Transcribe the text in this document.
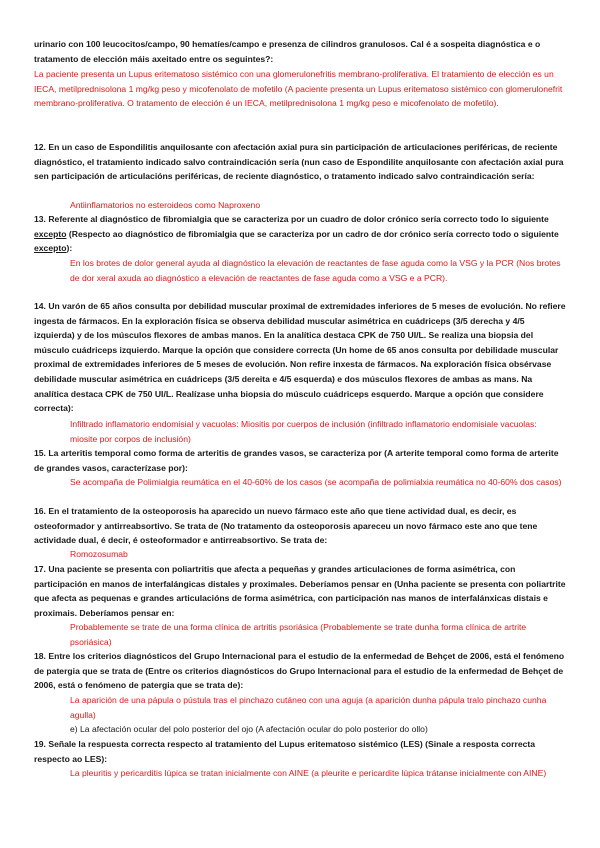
urinario con 100 leucocitos/campo, 90 hematíes/campo e presenza de cilindros granulosos. Cal é a sospeita diagnóstica e o tratamento de elección máis axeitado entre os seguintes?:
La paciente presenta un Lupus eritematoso sistémico con una glomerulonefritis membrano-proliferativa. El tratamiento de elección es un IECA, metilprednisolona 1 mg/kg peso y micofenolato de mofetilo (A paciente presenta un Lupus eritematoso sistémico con glomerulonefrit membrano-proliferativa. O tratamento de elección é un IECA, metilprednisolona 1 mg/kg peso e micofenolato de mofetilo).
12. En un caso de Espondilitis anquilosante con afectación axial pura sin participación de articulaciones periféricas, de reciente diagnóstico, el tratamiento indicado salvo contraindicación sería (nun caso de Espondilite anquilosante con afectación axial pura sen participación de articulacións periféricas, de reciente diagnóstico, o tratamento indicado salvo contraindicación sería:
Antiinflamatorios no esteroideos como Naproxeno
13. Referente al diagnóstico de fibromialgia que se caracteriza por un cuadro de dolor crónico sería correcto todo lo siguiente excepto (Respecto ao diagnóstico de fibromialgia que se caracteriza por un cadro de dor crónico sería correcto todo o siguiente excepto):
En los brotes de dolor general ayuda al diagnóstico la elevación de reactantes de fase aguda como la VSG y la PCR (Nos brotes de dor xeral axuda ao diagnóstico a elevación de reactantes de fase aguda como a VSG e a PCR).
14. Un varón de 65 años consulta por debilidad muscular proximal de extremidades inferiores de 5 meses de evolución. No refiere ingesta de fármacos. En la exploración física se observa debilidad muscular asimétrica en cuádriceps (3/5 derecha y 4/5 izquierda) y de los músculos flexores de ambas manos. En la analítica destaca CPK de 750 UI/L. Se realiza una biopsia del músculo cuádriceps izquierdo. Marque la opción que considere correcta (Un home de 65 anos consulta por debilidade muscular proximal de extremidades inferiores de 5 meses de evolución. Non refire inxesta de fármacos. Na exploración física obsérvase debilidade muscular asimétrica en cuádriceps (3/5 dereita e 4/5 esquerda) e dos músculos flexores de ambas as mans. Na analítica destaca CPK de 750 UI/L. Realízase unha biopsia do músculo cuádriceps esquerdo. Marque a opción que considere correcta):
Infiltrado inflamatorio endomisial y vacuolas: Miositis por cuerpos de inclusión (infiltrado inflamatorio endomisiale vacuolas: miosite por corpos de inclusión)
15. La arteritis temporal como forma de arteritis de grandes vasos, se caracteriza por (A arterite temporal como forma de arterite de grandes vasos, caracterízase por):
Se acompaña de Polimialgia reumática en el 40-60% de los casos (se acompaña de polimialxia reumática no 40-60% dos casos)
16. En el tratamiento de la osteoporosis ha aparecido un nuevo fármaco este año que tiene actividad dual, es decir, es osteoformador y antirreabsortivo. Se trata de (No tratamento da osteoporosis apareceu un novo fármaco este ano que tene actividade dual, é decir, é osteoformador e antirreabsortivo. Se trata de:
Romozosumab
17. Una paciente se presenta con poliartritis que afecta a pequeñas y grandes articulaciones de forma asimétrica, con participación en manos de interfalángicas distales y proximales. Deberíamos pensar en (Unha paciente se presenta con poliartrite que afecta as pequenas e grandes articulacións de forma asimétrica, con participación nas manos de interfalánxicas distais e proximais. Deberíamos pensar en:
Probablemente se trate de una forma clínica de artritis psoriásica (Probablemente se trate dunha forma clínica de artrite psoriásica)
18. Entre los criterios diagnósticos del Grupo Internacional para el estudio de la enfermedad de Behçet de 2006, está el fenómeno de patergia que se trata de (Entre os criterios diagnósticos do Grupo Internacional para el estudio de la enfermedad de Behçet de 2006, está o fenómeno de patergia que se trata de):
La aparición de una pápula o pústula tras el pinchazo cutáneo con una aguja (a aparición dunha pápula tralo pinchazo cunha agulla)
e) La afectación ocular del polo posterior del ojo (A afectación ocular do polo posterior do ollo)
19. Señale la respuesta correcta respecto al tratamiento del Lupus eritematoso sistémico (LES) (Sinale a resposta correcta respecto ao LES):
La pleuritis y pericarditis lúpica se tratan inicialmente con AINE (a pleurite e pericardite lúpica trátanse inicialmente con AINE)
